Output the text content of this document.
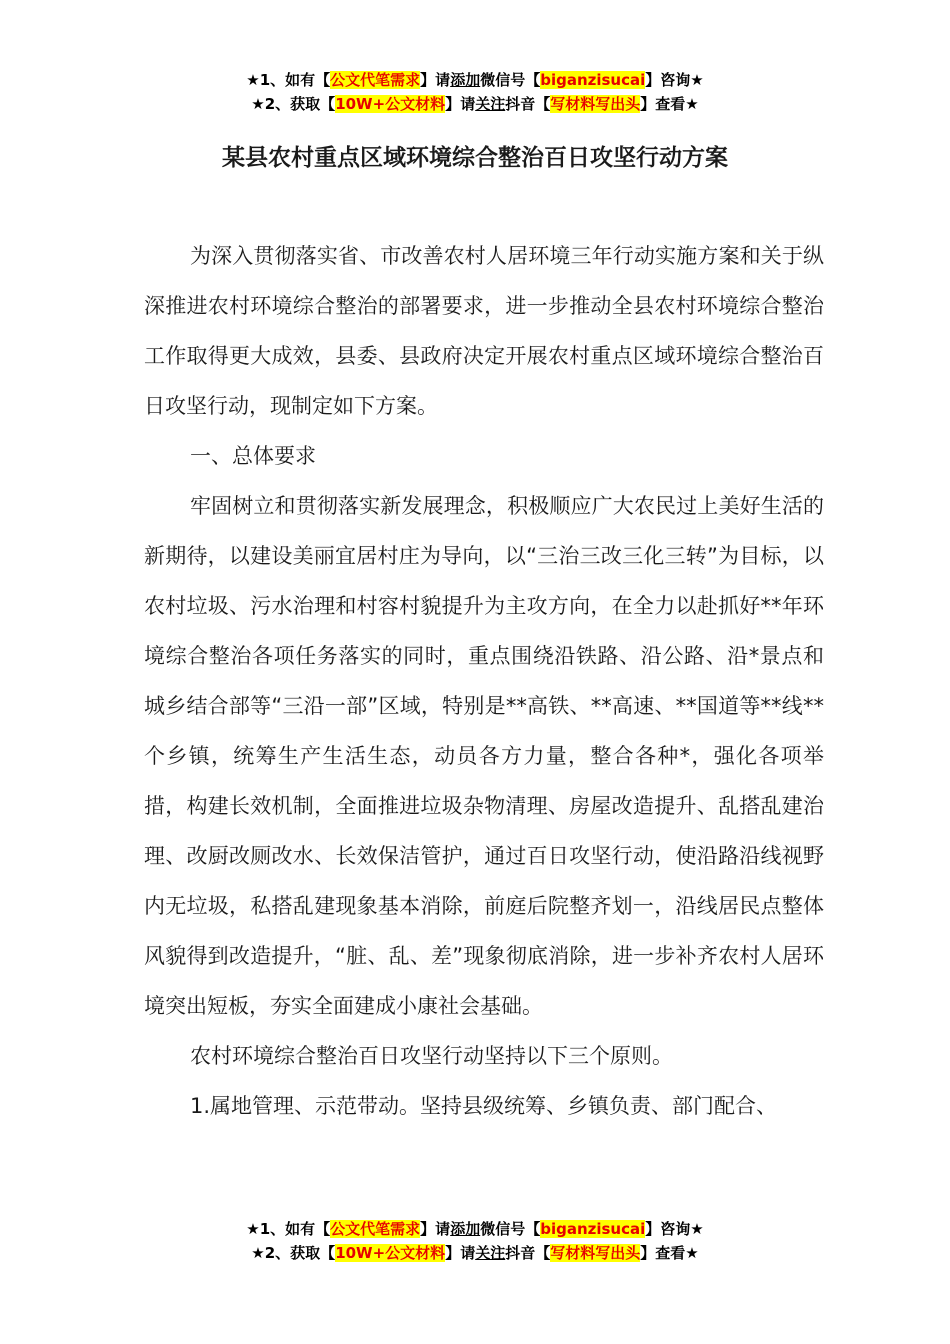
★1、如有【公文代笔需求】请添加微信号【biganzisucai】咨询★
★2、获取【10W+公文材料】请关注抖音【写材料写出头】查看★
某县农村重点区域环境综合整治百日攻坚行动方案

为深入贯彻落实省、市改善农村人居环境三年行动实施方案和关于纵深推进农村环境综合整治的部署要求，进一步推动全县农村环境综合整治工作取得更大成效，县委、县政府决定开展农村重点区域环境综合整治百日攻坚行动，现制定如下方案。

一、总体要求

牢固树立和贯彻落实新发展理念，积极顺应广大农民过上美好生活的新期待，以建设美丽宜居村庄为导向，以“三治三改三化三转”为目标，以农村垃圾、污水治理和村容村貌提升为主攻方向，在全力以赴抓好**年环境综合整治各项任务落实的同时，重点围绕沿铁路、沿公路、沿*景点和城乡结合部等“三沿一部”区域，特别是**高铁、**高速、**国道等**线**个乡镇，统筹生产生活生态，动员各方力量，整合各种*，强化各项举措，构建长效机制，全面推进垃圾杂物清理、房屋改造提升、乱搭乱建治理、改厨改厕改水、长效保洁管护，通过百日攻坚行动，使沿路沿线视野内无垃圾，私搭乱建现象基本消除，前庭后院整齐划一，沿线居民点整体风貌得到改造提升，“脏、乱、差”现象彻底消除，进一步补齐农村人居环境突出短板，夯实全面建成小康社会基础。

农村环境综合整治百日攻坚行动坚持以下三个原则。

1.属地管理、示范带动。坚持县级统筹、乡镇负责、部门配合、

★1、如有【公文代笔需求】请添加微信号【biganzisucai】咨询★
★2、获取【10W+公文材料】请关注抖音【写材料写出头】查看★
